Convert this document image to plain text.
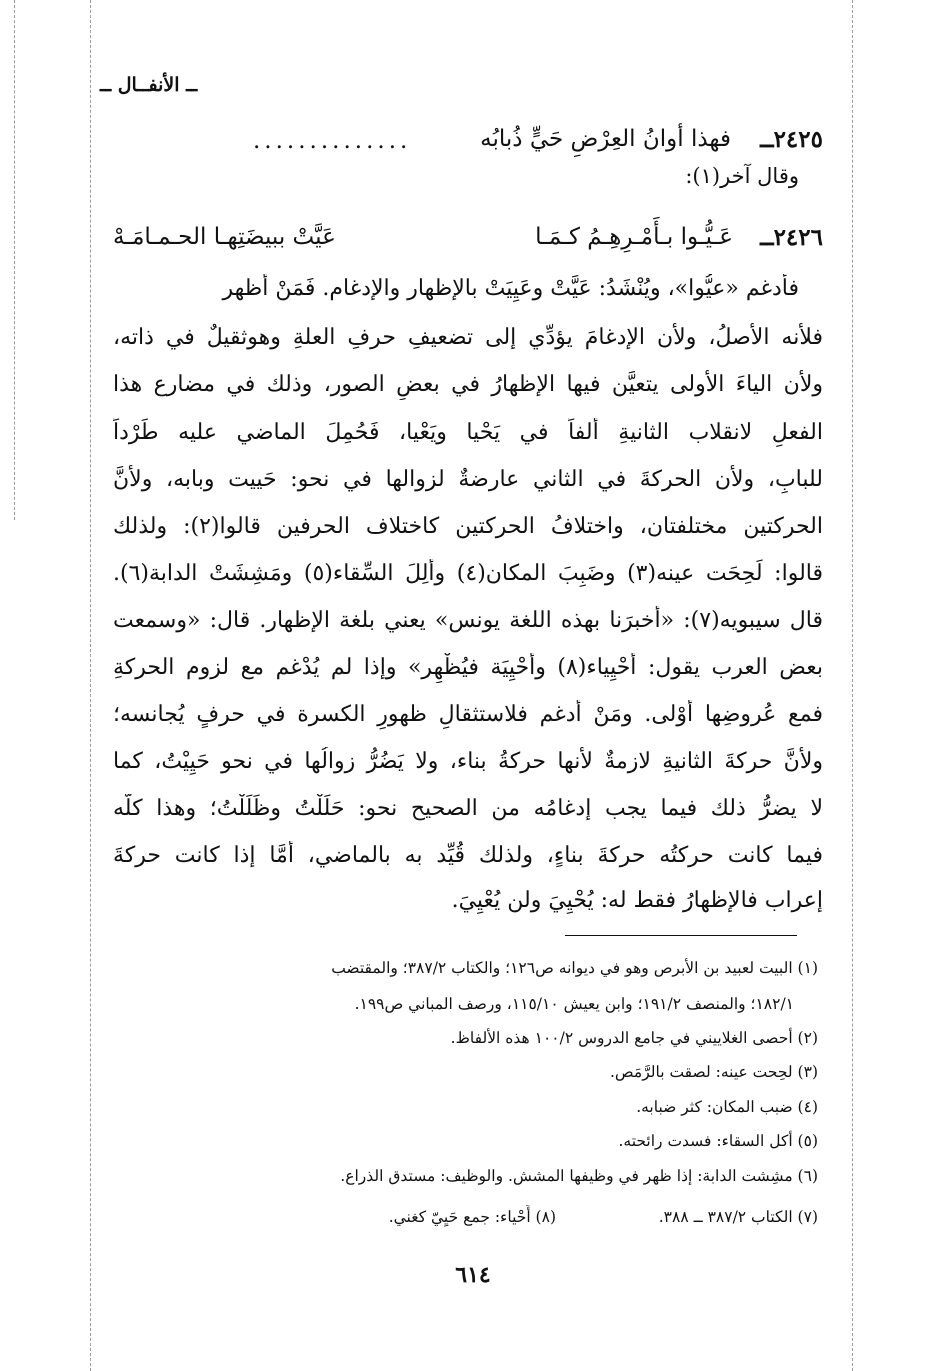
ــ الأنفــال ــ
٢٤٢٥ــ
فهذا أوانُ العِرْضِ حَيٍّ ذُبابُه
..............
وقال آخر(١):
٢٤٢٦ــ
عَـيُّـوا بـأَمْـرِهِـمُ كـمَـا
عَيَّتْ ببيضَتِهـا الحـمـامَـهْ
فأدغم «عيُّوا»، ويُنْشَدُ: عَيَّتْ وعَيِيَتْ بالإظهار والإدغام. فَمَنْ أظهر
فلأنه الأصلُ، ولأن الإدغامَ يؤدِّي إلى تضعيفِ حرفِ العلةِ وهوثقيلٌ في ذاته،
ولأن الياءَ الأولى يتعيَّن فيها الإظهارُ في بعضِ الصور، وذلك في مضارع هذا
الفعلِ لانقلاب الثانيةِ ألفاً في يَحْيا ويَعْيا، فَحُمِلَ الماضي عليه طَرْداً
للبابِ، ولأن الحركةَ في الثاني عارضةٌ لزوالها في نحو: حَييت وبابه، ولأنَّ
الحركتين مختلفتان، واختلافُ الحركتين كاختلاف الحرفين قالوا(٢): ولذلك
قالوا: لَحِحَت عينه(٣) وضَبِبَ المكان(٤) وأَلِلَ السِّقاء(٥) ومَشِشَتْ الدابة(٦).
قال سيبويه(٧): «أخبرَنا بهذه اللغة يونس» يعني بلغة الإظهار. قال: «وسمعت
بعض العرب يقول: أَحْيِياء(٨) وأَحْيِيَة فيُظْهِر» وإذا لم يُدْغم مع لزوم الحركةِ
فمع عُروضِها أَوْلى. ومَنْ أدغم فلاستثقالِ ظهورِ الكسرة في حرفٍ يُجانسه؛
ولأنَّ حركةَ الثانيةِ لازمةٌ لأنها حركةُ بناء، ولا يَضُرُّ زوالُها في نحو حَيِيْتُ، كما
لا يضرُّ ذلك فيما يجب إدغامُه من الصحيح نحو: حَلَلْتُ وظَلَلْتُ؛ وهذا كلُّه
فيما كانت حركتُه حركةَ بناءٍ، ولذلك قُيِّد به بالماضي، أمَّا إذا كانت حركةَ
إعراب فالإظهارُ فقط له: يُحْيِيَ ولن يُعْيِيَ.
(١) البيت لعبيد بن الأبرص وهو في ديوانه ص١٢٦؛ والكتاب ٣٨٧/٢؛ والمقتضب
١٨٢/١؛ والمنصف ١٩١/٢؛ وابن يعيش ١١٥/١٠، ورصف المباني ص١٩٩.
(٢) أحصى الغلاييني في جامع الدروس ١٠٠/٢ هذه الألفاظ.
(٣) لحِحت عينه: لصقت بالرَّمَص.
(٤) ضبب المكان: كثر ضبابه.
(٥) أكل السقاء: فسدت رائحته.
(٦) مشِشت الدابة: إذا ظهر في وظيفها المشش. والوظيف: مستدق الذراع.
(٧) الكتاب ٣٨٧/٢ ــ ٣٨٨.
(٨) أَحْياء: جمع حَيِيّ كغني.
٦١٤
